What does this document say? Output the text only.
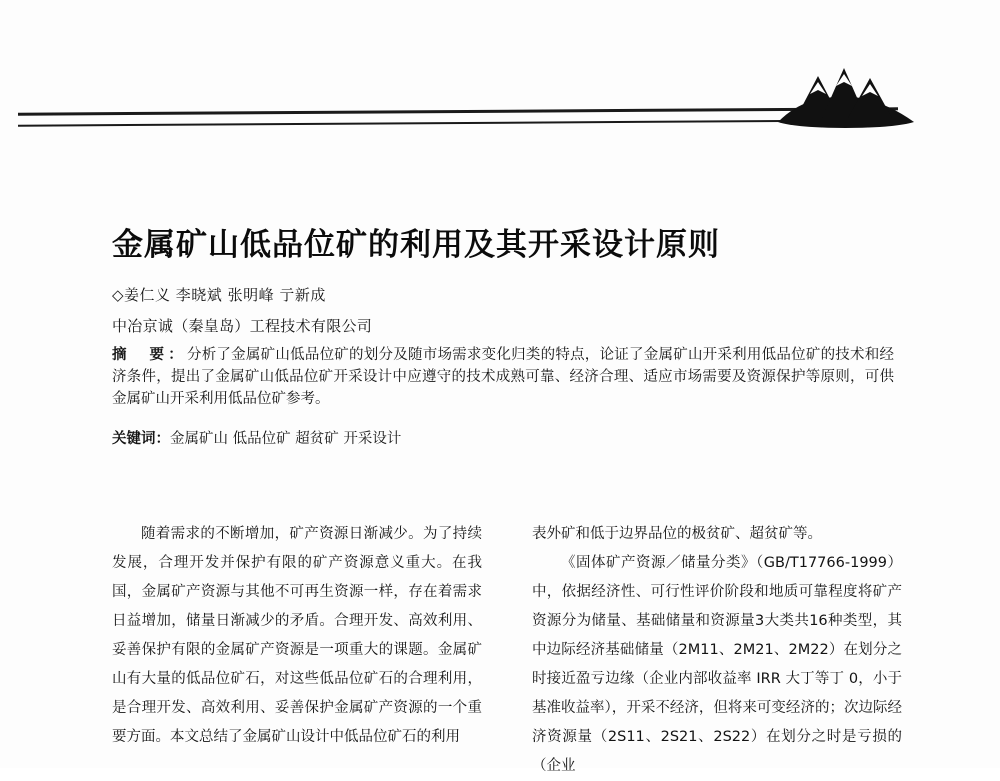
金属矿山低品位矿的利用及其开采设计原则
◇姜仁义 李晓斌 张明峰 亍新成
中冶京诚（秦皇岛）工程技术有限公司
摘　要：分析了金属矿山低品位矿的划分及随市场需求变化归类的特点，论证了金属矿山开采利用低品位矿的技术和经济条件，提出了金属矿山低品位矿开采设计中应遵守的技术成熟可靠、经济合理、适应市场需要及资源保护等原则，可供金属矿山开采利用低品位矿参考。
关键词：金属矿山 低品位矿 超贫矿 开采设计

随着需求的不断增加，矿产资源日渐减少。为了持续发展，合理开发并保护有限的矿产资源意义重大。在我国，金属矿产资源与其他不可再生资源一样，存在着需求日益增加，储量日渐减少的矛盾。合理开发、高效利用、妥善保护有限的金属矿产资源是一项重大的课题。金属矿山有大量的低品位矿石，对这些低品位矿石的合理利用，是合理开发、高效利用、妥善保护金属矿产资源的一个重要方面。本文总结了金属矿山设计中低品位矿石的利用

表外矿和低于边界品位的极贫矿、超贫矿等。

《固体矿产资源／储量分类》（GB/T17766-1999）中，依据经济性、可行性评价阶段和地质可靠程度将矿产资源分为储量、基础储量和资源量3大类共16种类型，其中边际经济基础储量（2M11、2M21、2M22）在划分之时接近盈亏边缘（企业内部收益率 IRR 大丁等丁 0，小于基准收益率），开采不经济，但将来可变经济的；次边际经济资源量（2S11、2S21、2S22）在划分之时是亏损的（企业
